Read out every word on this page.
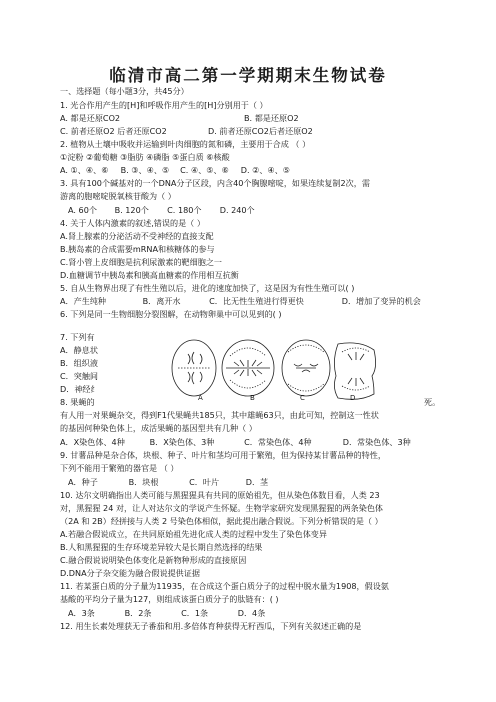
临清市高二第一学期期末生物试卷
一、选择题（每小题3分，共45分）
1. 光合作用产生的[H]和呼吸作用产生的[H]分别用于（ ）
A. 都是还原CO2	B. 都是还原O2
C. 前者还原O2 后者还原CO2	D. 前者还原CO2后者还原O2
2. 植物从土壤中吸收并运输到叶肉细胞的氮和磷，主要用于合成 （ ）
①淀粉 ②葡萄糖 ③脂肪 ④磷脂 ⑤蛋白质 ⑥核酸
A. ①、④、⑥ B. ③、④、⑤ C. ④、⑤、⑥ D. ②、④、⑤
3. 具有100个碱基对的一个DNA分子区段，内含40个胸腺嘧啶，如果连续复制2次，需
游离的胞嘧啶脱氧核苷酸为（ ）
A. 60个 B. 120个 C. 180个 D. 240个
4. 关于人体内激素的叙述,错误的是（ ）
A.肾上腺素的分泌活动不受神经的直接支配
B.胰岛素的合成需要mRNA和核糖体的参与
C.肾小管上皮细胞是抗利尿激素的靶细胞之一
D.血糖调节中胰岛素和胰高血糖素的作用相互抗衡
5. 自从生物界出现了有性生殖以后，进化的速度加快了，这是因为有性生殖可以( )
A．产生纯种	B．离开水	C．比无性生殖进行得更快	D．增加了变异的机会
6. 下列是同一生物细胞分裂图解，在动物卵巢中可以见到的( )
7. 下列有
A．静息状
B．组织液
C．突触间
D．神经纟
A	B	C	D
8. 果蝇的	死。
有人用一对果蝇杂交，得到F1代果蝇共185只，其中雄蝇63只，由此可知，控制这一性状
的基因何种染色体上，成活果蝇的基因型共有几种（ ）
A．X染色体、4种	B．X染色体、3种	C．常染色体、4种	D．常染色体、3种
9. 甘薯品种是杂合体，块根、种子、叶片和茎均可用于繁殖，但为保持某甘薯品种的特性，
下列不能用于繁殖的器官是 （ ）
A．种子	B．块根	C．叶片	D．茎
10. 达尔文明确指出人类可能与黑猩猩具有共同的原始祖先，但从染色体数目看，人类 23
对，黑猩猩 24 对，让人对达尔文的学说产生怀疑。生物学家研究发现黑猩猩的两条染色体
（2A 和 2B）经拼接与人类 2 号染色体相似，据此提出融合假说。下列分析错误的是（ ）
A.若融合假说成立，在共同原始祖先进化成人类的过程中发生了染色体变异
B.人和黑猩猩的生存环境差异较大是长期自然选择的结果
C.融合假说说明染色体变化是新物种形成的直接原因
D.DNA分子杂交能为融合假说提供证据
11. 若某蛋白质的分子量为11935，在合成这个蛋白质分子的过程中脱水量为1908，假设氨
基酸的平均分子量为127，则组成该蛋白质分子的肽链有：( )
A．3条	B．2条	C．1条	D．4条
12. 用生长素处理获无子番茄和用.多倍体育种获得无籽西瓜，下列有关叙述正确的是
